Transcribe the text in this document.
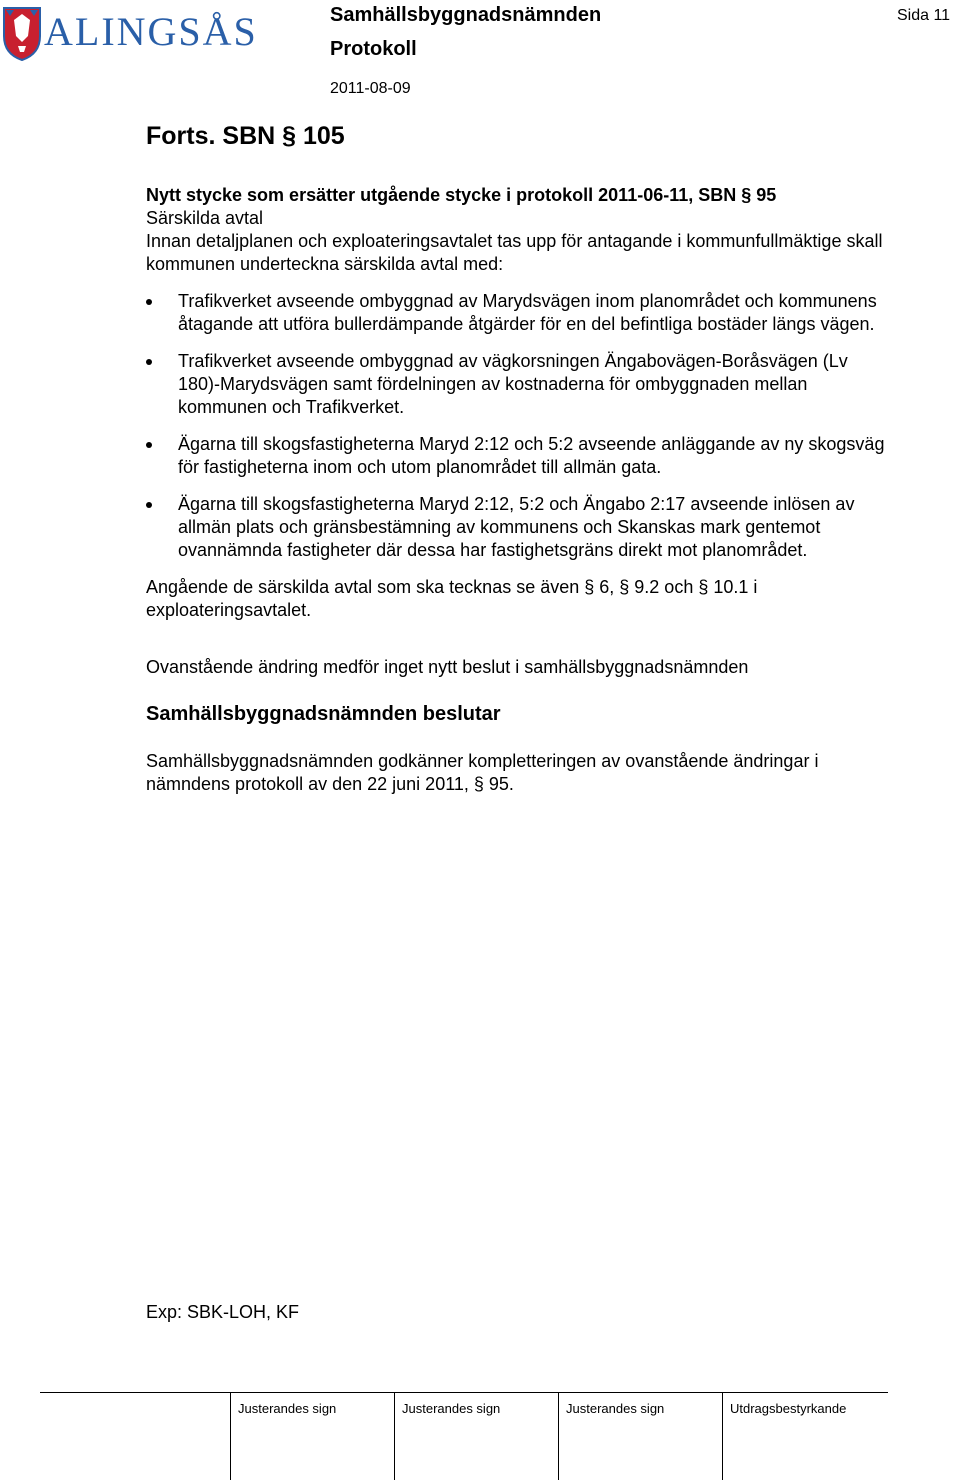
ALINGSÅS	Samhällsbyggnadsnämnden
Protokoll
2011-08-09
Sida 11
Forts. SBN § 105

Nytt stycke som ersätter utgående stycke i protokoll 2011-06-11, SBN § 95

Särskilda avtal

Innan detaljplanen och exploateringsavtalet tas upp för antagande i kommunfullmäktige skall kommunen underteckna särskilda avtal med:

Trafikverket avseende ombyggnad av Marydsvägen inom planområdet och kommunens åtagande att utföra bullerdämpande åtgärder för en del befintliga bostäder längs vägen.
Trafikverket avseende ombyggnad av vägkorsningen Ängabovägen-Boråsvägen (Lv 180)-Marydsvägen samt fördelningen av kostnaderna för ombyggnaden mellan kommunen och Trafikverket.
Ägarna till skogsfastigheterna Maryd 2:12 och 5:2 avseende anläggande av ny skogsväg för fastigheterna inom och utom planområdet till allmän gata.
Ägarna till skogsfastigheterna Maryd 2:12, 5:2 och Ängabo 2:17 avseende inlösen av allmän plats och gränsbestämning av kommunens och Skanskas mark gentemot ovannämnda fastigheter där dessa har fastighetsgräns direkt mot planområdet.

Angående de särskilda avtal som ska tecknas se även § 6, § 9.2 och § 10.1 i exploateringsavtalet.

Ovanstående ändring medför inget nytt beslut i samhällsbyggnadsnämnden

Samhällsbyggnadsnämnden beslutar

Samhällsbyggnadsnämnden godkänner kompletteringen av ovanstående ändringar i nämndens protokoll av den 22 juni 2011, § 95.

Exp: SBK-LOH, KF
Justerandes sign	Justerandes sign	Justerandes sign	Utdragsbestyrkande
